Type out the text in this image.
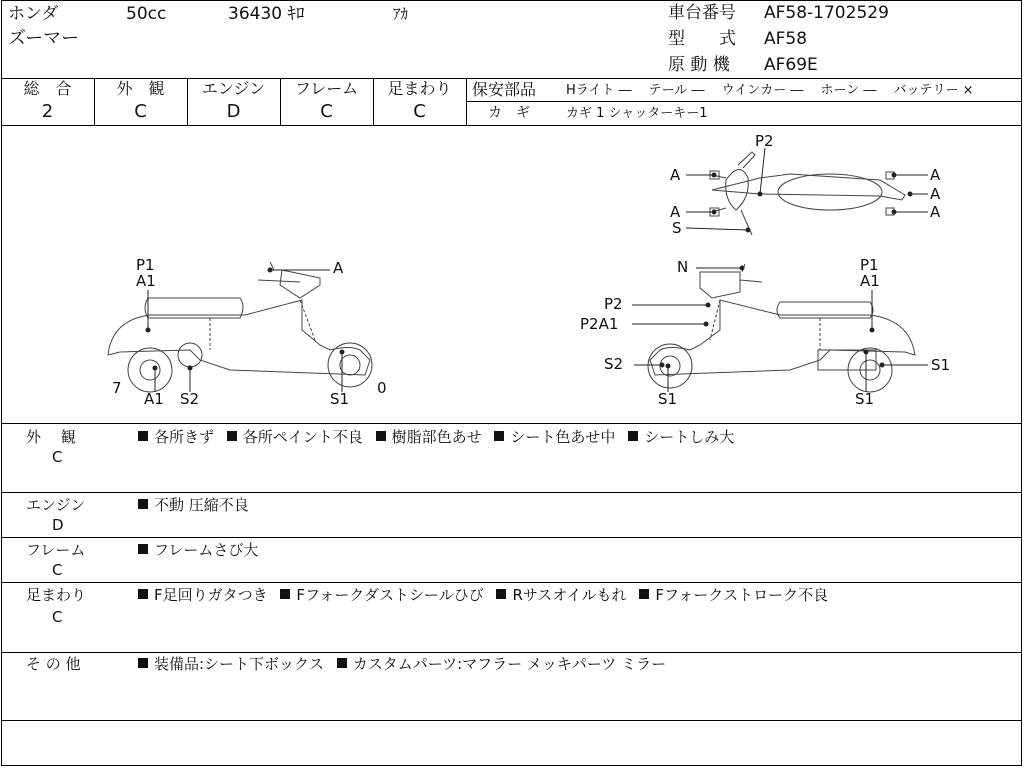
ホンダ	50cc	36430 ｷﾛ	ｱｶ
ズーマー
車台番号 AF58-1702529
型　　式 AF58
原 動 機 AF69E
総　合	外　観	エンジン	フレーム	足まわり
2	C	D	C	C
保安部品 Hライト ―　 テール ―　 ウインカー ―　 ホーン ―　 バッテリー ×
カ　ギ	カギ 1 シャッターキー1
P2
A	A
A
A	A
S
P1
A1
A
7
A1 S2	S1
0
N	P1
A1
P2
P2A1
S2
S1	S1
S1
外　 観
C
各所きず 各所ペイント不良 樹脂部色あせ シート色あせ中 シートしみ大
エンジン
D
不動 圧縮不良
フレーム
C
フレームさび大
足まわり
C
F足回りガタつき Fフォークダストシールひび Rサスオイルもれ Fフォークストローク不良
そ の 他	装備品:シート下ボックス カスタムパーツ:マフラー メッキパーツ ミラー
